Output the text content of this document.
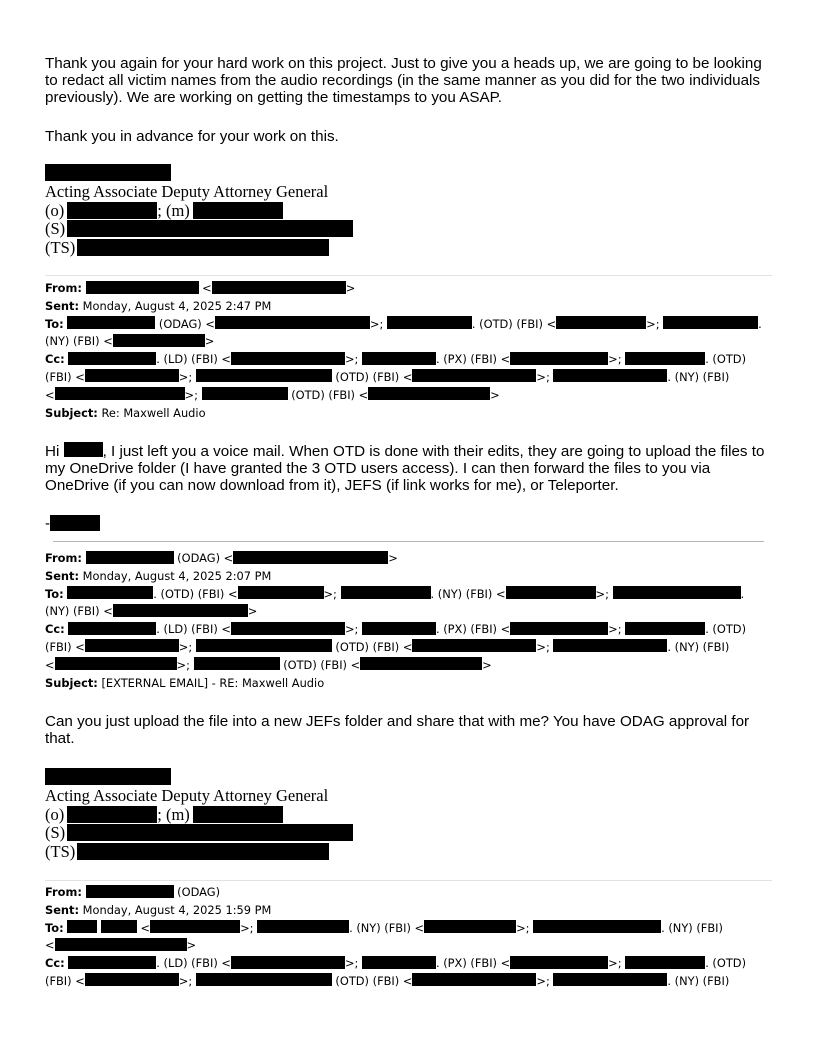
Thank you again for your hard work on this project. Just to give you a heads up, we are going to be looking to redact all victim names from the audio recordings (in the same manner as you did for the two individuals previously). We are working on getting the timestamps to you ASAP.

Thank you in advance for your work on this.

Acting Associate Deputy Attorney General
(o)	; (m)
(S)
(TS)
From:	<	>
Sent: Monday, August 4, 2025 2:47 PM
To:	(ODAG) <	>;	. (OTD) (FBI) <	>;	.
(NY) (FBI) <	>
Cc:	. (LD) (FBI) <	>;	. (PX) (FBI) <	>;	. (OTD)
(FBI) <	>;	(OTD) (FBI) <	>;	. (NY) (FBI)
<	>;	(OTD) (FBI) <	>
Subject: Re: Maxwell Audio

Hi	, I just left you a voice mail. When OTD is done with their edits, they are going to upload the files to my OneDrive folder (I have granted the 3 OTD users access). I can then forward the files to you via OneDrive (if you can now download from it), JEFS (if link works for me), or Teleporter.

-
From:	(ODAG) <	>
Sent: Monday, August 4, 2025 2:07 PM
To:	. (OTD) (FBI) <	>;	. (NY) (FBI) <	>;	.
(NY) (FBI) <	>
Cc:	. (LD) (FBI) <	>;	. (PX) (FBI) <	>;	. (OTD)
(FBI) <	>;	(OTD) (FBI) <	>;	. (NY) (FBI)
<	>;	(OTD) (FBI) <	>
Subject: [EXTERNAL EMAIL] - RE: Maxwell Audio

Can you just upload the file into a new JEFs folder and share that with me? You have ODAG approval for that.

Acting Associate Deputy Attorney General
(o)	; (m)
(S)
(TS)
From:	(ODAG)
Sent: Monday, August 4, 2025 1:59 PM
To:	<	>;	. (NY) (FBI) <	>;	. (NY) (FBI)
<	>
Cc:	. (LD) (FBI) <	>;	. (PX) (FBI) <	>;	. (OTD)
(FBI) <	>;	(OTD) (FBI) <	>;	. (NY) (FBI)
